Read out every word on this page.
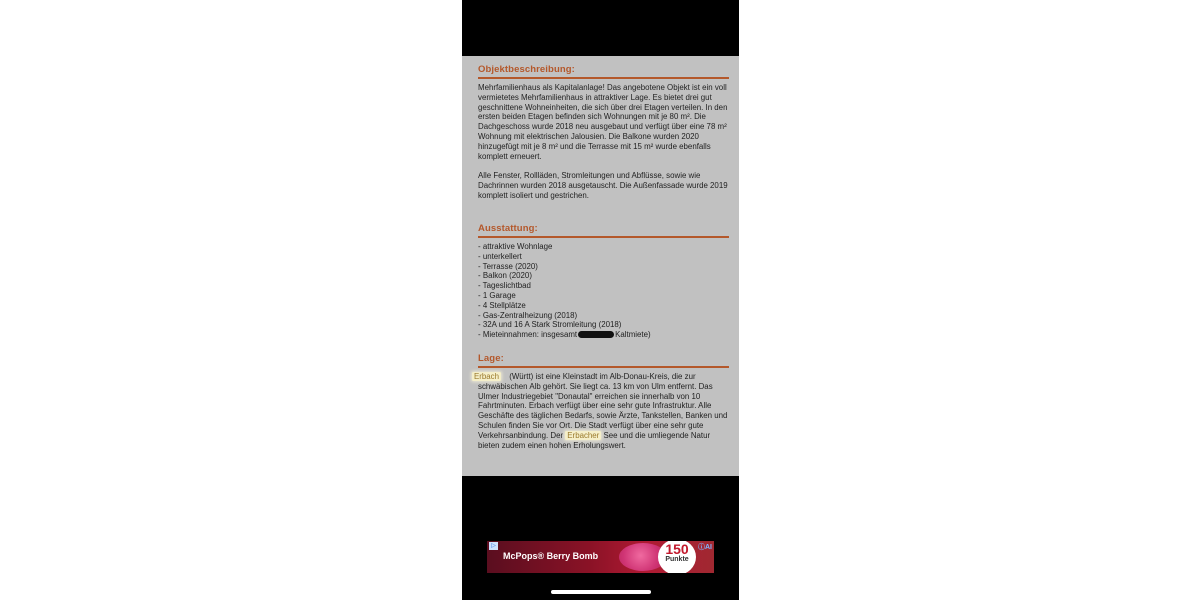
Objektbeschreibung:

Mehrfamilienhaus als Kapitalanlage! Das angebotene Objekt ist ein voll vermietetes Mehrfamilienhaus in attraktiver Lage. Es bietet drei gut geschnittene Wohneinheiten, die sich über drei Etagen verteilen. In den ersten beiden Etagen befinden sich Wohnungen mit je 80 m². Die Dachgeschoss wurde 2018 neu ausgebaut und verfügt über eine 78 m² Wohnung mit elektrischen Jalousien. Die Balkone wurden 2020 hinzugefügt mit je 8 m² und die Terrasse mit 15 m² wurde ebenfalls komplett erneuert.

Alle Fenster, Rollläden, Stromleitungen und Abflüsse, sowie wie Dachrinnen wurden 2018 ausgetauscht. Die Außenfassade wurde 2019 komplett isoliert und gestrichen.

Ausstattung:
- attraktive Wohnlage
- unterkellert
- Terrasse (2020)
- Balkon (2020)
- Tageslichtbad
- 1 Garage
- 4 Stellplätze
- Gas-Zentralheizung (2018)
- 32A und 16 A Stark Stromleitung (2018)
- Mieteinnahmen: insgesamt	Kaltmiete)
Lage:

Erbach (Württ) ist eine Kleinstadt im Alb-Donau-Kreis, die zur schwäbischen Alb gehört. Sie liegt ca. 13 km von Ulm entfernt. Das Ulmer Industriegebiet "Donautal" erreichen sie innerhalb von 10 Fahrtminuten. Erbach verfügt über eine sehr gute Infrastruktur. Alle Geschäfte des täglichen Bedarfs, sowie Ärzte, Tankstellen, Banken und Schulen finden Sie vor Ort. Die Stadt verfügt über eine sehr gute Verkehrsanbindung. Der Erbacher See und die umliegende Natur bieten zudem einen hohen Erholungswert.

▷
McPops® Berry Bomb	150
Punkte
ⓘAI
